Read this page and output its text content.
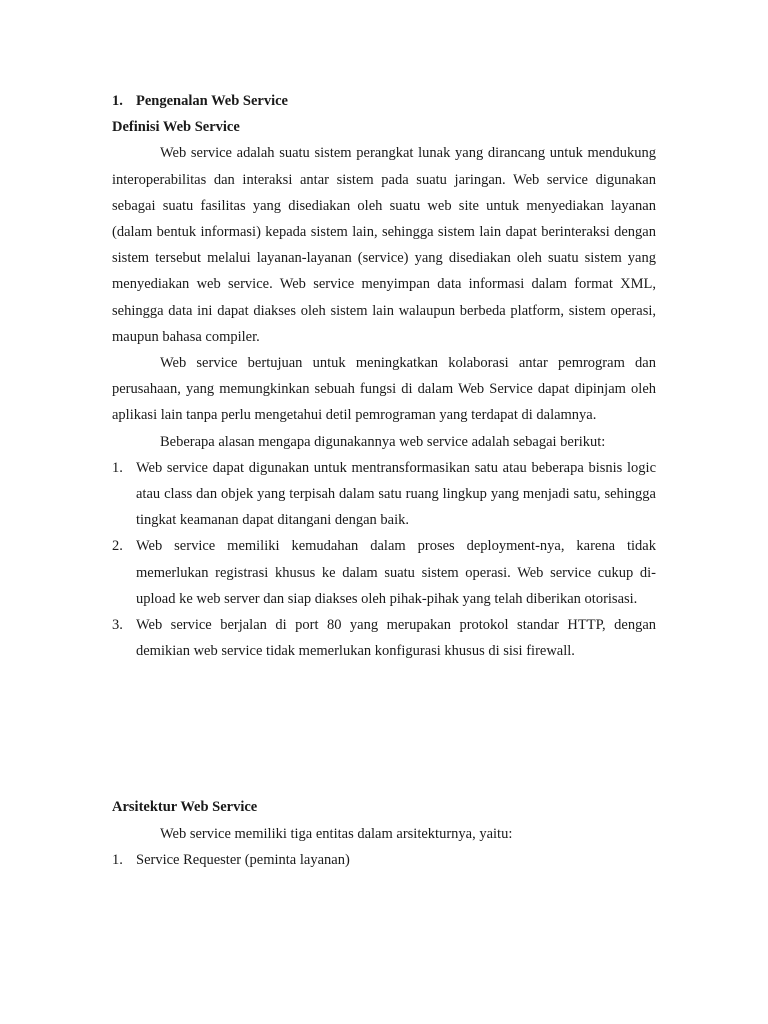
1. Pengenalan Web Service

Definisi Web Service

Web service adalah suatu sistem perangkat lunak yang dirancang untuk mendukung interoperabilitas dan interaksi antar sistem pada suatu jaringan. Web service digunakan sebagai suatu fasilitas yang disediakan oleh suatu web site untuk menyediakan layanan (dalam bentuk informasi) kepada sistem lain, sehingga sistem lain dapat berinteraksi dengan sistem tersebut melalui layanan-layanan (service) yang disediakan oleh suatu sistem yang menyediakan web service. Web service menyimpan data informasi dalam format XML, sehingga data ini dapat diakses oleh sistem lain walaupun berbeda platform, sistem operasi, maupun bahasa compiler.

Web service bertujuan untuk meningkatkan kolaborasi antar pemrogram dan perusahaan, yang memungkinkan sebuah fungsi di dalam Web Service dapat dipinjam oleh aplikasi lain tanpa perlu mengetahui detil pemrograman yang terdapat di dalamnya.

Beberapa alasan mengapa digunakannya web service adalah sebagai berikut:

1. Web service dapat digunakan untuk mentransformasikan satu atau beberapa bisnis logic atau class dan objek yang terpisah dalam satu ruang lingkup yang menjadi satu, sehingga tingkat keamanan dapat ditangani dengan baik.
2. Web service memiliki kemudahan dalam proses deployment-nya, karena tidak memerlukan registrasi khusus ke dalam suatu sistem operasi. Web service cukup di-upload ke web server dan siap diakses oleh pihak-pihak yang telah diberikan otorisasi.
3. Web service berjalan di port 80 yang merupakan protokol standar HTTP, dengan demikian web service tidak memerlukan konfigurasi khusus di sisi firewall.

Arsitektur Web Service

Web service memiliki tiga entitas dalam arsitekturnya, yaitu:

1. Service Requester (peminta layanan)
